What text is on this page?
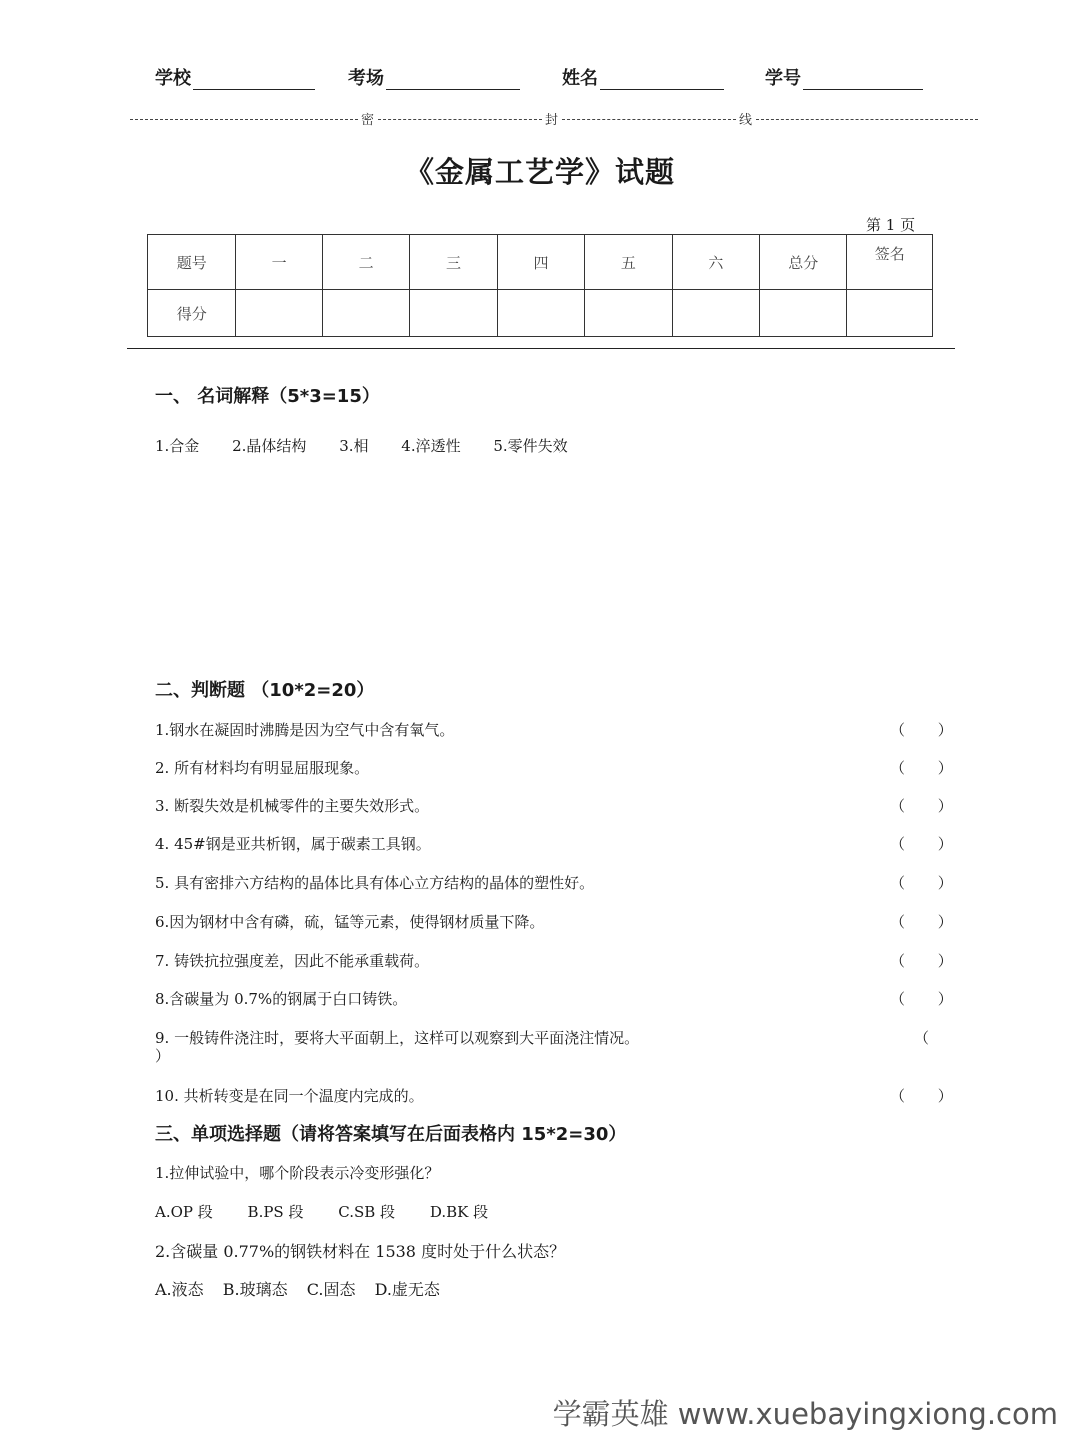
学校	考场	姓名	学号
密	封	线
《金属工艺学》试题
第 1 页
题号	一	二	三	四	五	六	总分	签名
得分								
一、 名词解释（5*3=15）
1.合金 2.晶体结构 3.相 4.淬透性 5.零件失效
二、判断题 （10*2=20）
1.钢水在凝固时沸腾是因为空气中含有氧气。	（ ）
2. 所有材料均有明显屈服现象。	（ ）
3. 断裂失效是机械零件的主要失效形式。	（ ）
4. 45#钢是亚共析钢，属于碳素工具钢。	（ ）
5. 具有密排六方结构的晶体比具有体心立方结构的晶体的塑性好。	（ ）
6.因为钢材中含有磷，硫，锰等元素，使得钢材质量下降。	（ ）
7. 铸铁抗拉强度差，因此不能承重载荷。	（ ）
8.含碳量为 0.7%的钢属于白口铸铁。	（ ）
9. 一般铸件浇注时，要将大平面朝上，这样可以观察到大平面浇注情况。	（
）
10. 共析转变是在同一个温度内完成的。	（ ）
三、单项选择题（请将答案填写在后面表格内 15*2=30）
1.拉伸试验中，哪个阶段表示冷变形强化？
A.OP 段 B.PS 段 C.SB 段 D.BK 段
2.含碳量 0.77%的钢铁材料在 1538 度时处于什么状态？
A.液态 B.玻璃态 C.固态 D.虚无态
学霸英雄 www.xuebayingxiong.com
